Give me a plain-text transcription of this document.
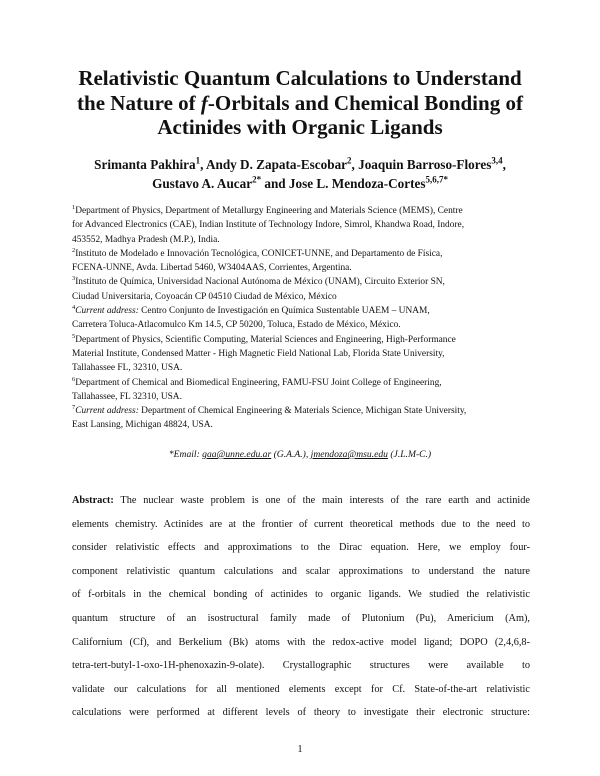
Relativistic Quantum Calculations to Understand
the Nature of f-Orbitals and Chemical Bonding of
Actinides with Organic Ligands
Srimanta Pakhira$^1$, Andy D. Zapata-Escobar$^2$, Joaquin Barroso-Flores$^{3,4}$,
Gustavo A. Aucar$^{2*}$ and Jose L. Mendoza-Cortes$^{5,6,7*}$
$^1$Department of Physics, Department of Metallurgy Engineering and Materials Science (MEMS), Centre
for Advanced Electronics (CAE), Indian Institute of Technology Indore, Simrol, Khandwa Road, Indore,
453552, Madhya Pradesh (M.P.), India.
$^2$Instituto de Modelado e Innovación Tecnológica, CONICET-UNNE, and Departamento de Física,
FCENA-UNNE, Avda. Libertad 5460, W3404AAS, Corrientes, Argentina.
$^3$Instituto de Química, Universidad Nacional Autónoma de México (UNAM), Circuito Exterior SN,
Ciudad Universitaria, Coyoacán CP 04510 Ciudad de México, México
$^4$Current address: Centro Conjunto de Investigación en Química Sustentable UAEM – UNAM,
Carretera Toluca-Atlacomulco Km 14.5, CP 50200, Toluca, Estado de México, México.
$^5$Department of Physics, Scientific Computing, Material Sciences and Engineering, High-Performance
Material Institute, Condensed Matter - High Magnetic Field National Lab, Florida State University,
Tallahassee FL, 32310, USA.
$^6$Department of Chemical and Biomedical Engineering, FAMU-FSU Joint College of Engineering,
Tallahassee, FL 32310, USA.
$^7$Current address: Department of Chemical Engineering & Materials Science, Michigan State University,
East Lansing, Michigan 48824, USA.
*Email: gaa@unne.edu.ar (G.A.A.), jmendoza@msu.edu (J.L.M-C.)
Abstract: The nuclear waste problem is one of the main interests of the rare earth and actinide
elements chemistry. Actinides are at the frontier of current theoretical methods due to the need to
consider relativistic effects and approximations to the Dirac equation. Here, we employ four-
component relativistic quantum calculations and scalar approximations to understand the nature
of f-orbitals in the chemical bonding of actinides to organic ligands. We studied the relativistic
quantum structure of an isostructural family made of Plutonium (Pu), Americium (Am),
Californium (Cf), and Berkelium (Bk) atoms with the redox-active model ligand; DOPO (2,4,6,8-
tetra-tert-butyl-1-oxo-1H-phenoxazin-9-olate). Crystallographic structures were available to
validate our calculations for all mentioned elements except for Cf. State-of-the-art relativistic
calculations were performed at different levels of theory to investigate their electronic structure:
1
